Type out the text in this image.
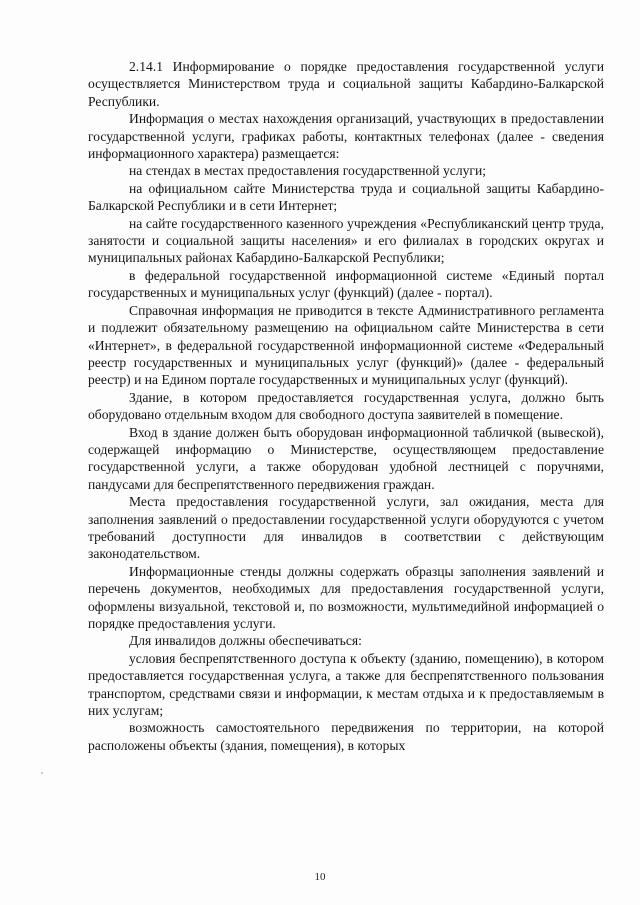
2.14.1 Информирование о порядке предоставления государственной услуги осуществляется Министерством труда и социальной защиты Кабардино-Балкарской Республики.

Информация о местах нахождения организаций, участвующих в предоставлении государственной услуги, графиках работы, контактных телефонах (далее - сведения информационного характера) размещается:

на стендах в местах предоставления государственной услуги;

на официальном сайте Министерства труда и социальной защиты Кабардино-Балкарской Республики и в сети Интернет;

на сайте государственного казенного учреждения «Республиканский центр труда, занятости и социальной защиты населения» и его филиалах в городских округах и муниципальных районах Кабардино-Балкарской Республики;

в федеральной государственной информационной системе «Единый портал государственных и муниципальных услуг (функций) (далее - портал).

Справочная информация не приводится в тексте Административного регламента и подлежит обязательному размещению на официальном сайте Министерства в сети «Интернет», в федеральной государственной информационной системе «Федеральный реестр государственных и муниципальных услуг (функций)» (далее - федеральный реестр) и на Едином портале государственных и муниципальных услуг (функций).

Здание, в котором предоставляется государственная услуга, должно быть оборудовано отдельным входом для свободного доступа заявителей в помещение.

Вход в здание должен быть оборудован информационной табличкой (вывеской), содержащей информацию о Министерстве, осуществляющем предоставление государственной услуги, а также оборудован удобной лестницей с поручнями, пандусами для беспрепятственного передвижения граждан.

Места предоставления государственной услуги, зал ожидания, места для заполнения заявлений о предоставлении государственной услуги оборудуются с учетом требований доступности для инвалидов в соответствии с действующим законодательством.

Информационные стенды должны содержать образцы заполнения заявлений и перечень документов, необходимых для предоставления государственной услуги, оформлены визуальной, текстовой и, по возможности, мультимедийной информацией о порядке предоставления услуги.

Для инвалидов должны обеспечиваться:

условия беспрепятственного доступа к объекту (зданию, помещению), в котором предоставляется государственная услуга, а также для беспрепятственного пользования транспортом, средствами связи и информации, к местам отдыха и к предоставляемым в них услугам;

возможность самостоятельного передвижения по территории, на которой расположены объекты (здания, помещения), в которых

10
